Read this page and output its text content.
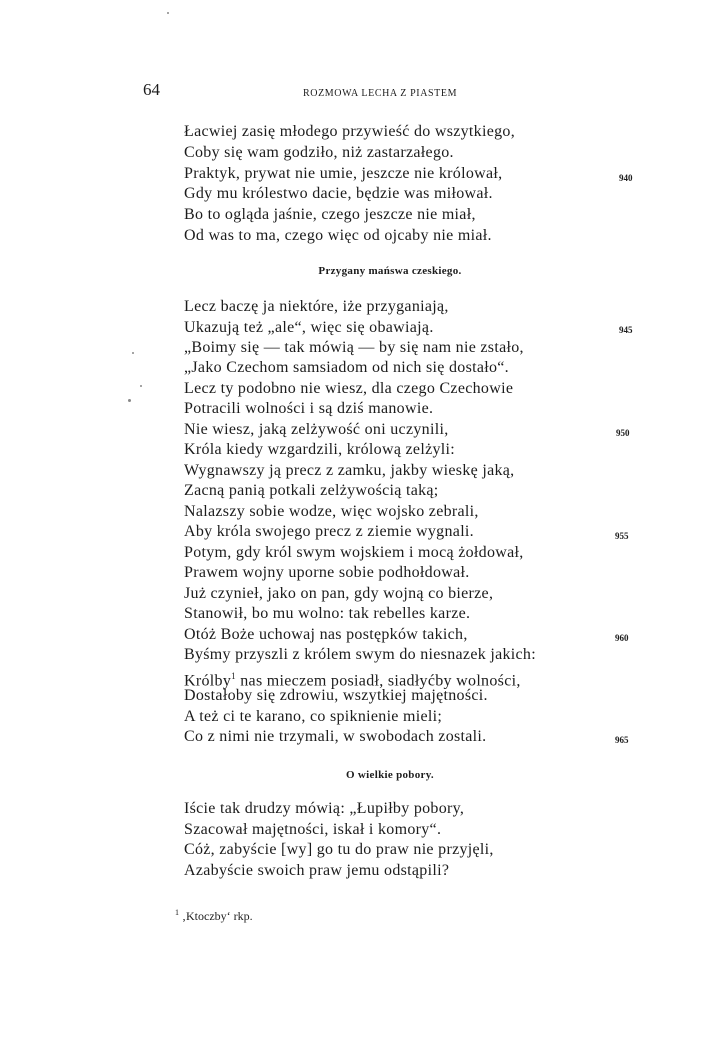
64	ROZMOWA LECHA Z PIASTEM
Łacwiej zasię młodego przywieść do wszytkiego,
Coby się wam godziło, niż zastarzałego.
Praktyk, prywat nie umie, jeszcze nie królował,	940
Gdy mu królestwo dacie, będzie was miłował.
Bo to ogląda jaśnie, czego jeszcze nie miał,
Od was to ma, czego więc od ojcaby nie miał.
Przygany mańswa czeskiego.
Lecz baczę ja niektóre, iże przyganiają,
Ukazują też „ale“, więc się obawiają.	945
„Boimy się — tak mówią — by się nam nie zstało,
„Jako Czechom samsiadom od nich się dostało“.
Lecz ty podobno nie wiesz, dla czego Czechowie
Potracili wolności i są dziś manowie.
Nie wiesz, jaką zelżywość oni uczynili,	950
Króla kiedy wzgardzili, królową zelżyli:
Wygnawszy ją precz z zamku, jakby wieskę jaką,
Zacną panią potkali zelżywością taką;
Nalazszy sobie wodze, więc wojsko zebrali,
Aby króla swojego precz z ziemie wygnali.	955
Potym, gdy król swym wojskiem i mocą żołdował,
Prawem wojny uporne sobie podhołdował.
Już czynieł, jako on pan, gdy wojną co bierze,
Stanowił, bo mu wolno: tak rebelles karze.
Otóż Boże uchowaj nas postępków takich,	960
Byśmy przyszli z królem swym do niesnazek jakich:
Królby$^1$ nas mieczem posiadł, siadłyćby wolności,
Dostałoby się zdrowiu, wszytkiej majętności.
A też ci te karano, co spiknienie mieli;
Co z nimi nie trzymali, w swobodach zostali.	965
O wielkie pobory.
Iście tak drudzy mówią: „Łupiłby pobory,
Szacował majętności, iskał i komory“.
Cóż, zabyście [wy] go tu do praw nie przyjęli,
Azabyście swoich praw jemu odstąpili?
$^1$ ‚Ktoczby‘ rkp.
